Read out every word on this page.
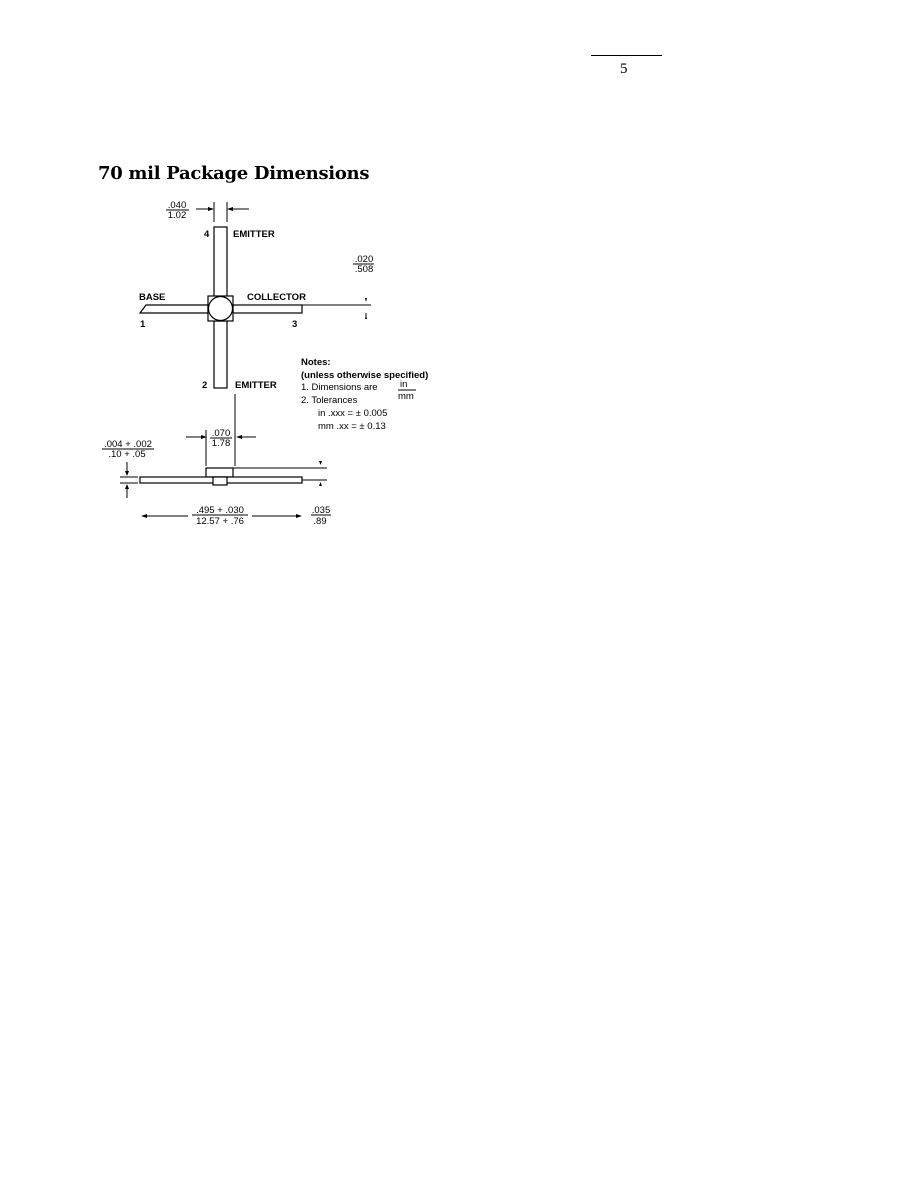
5
70 mil Package Dimensions
.040
1.02
4 EMITTER
BASE
1
COLLECTOR
3
2	EMITTER
.020
.508
Notes:
(unless otherwise specified)
1. Dimensions are in
mm
2. Tolerances
in .xxx = ± 0.005
mm .xx = ± 0.13
.070
1.78
.004 + .002
.10 + .05
.495 + .030
12.57 + .76
.035
.89
